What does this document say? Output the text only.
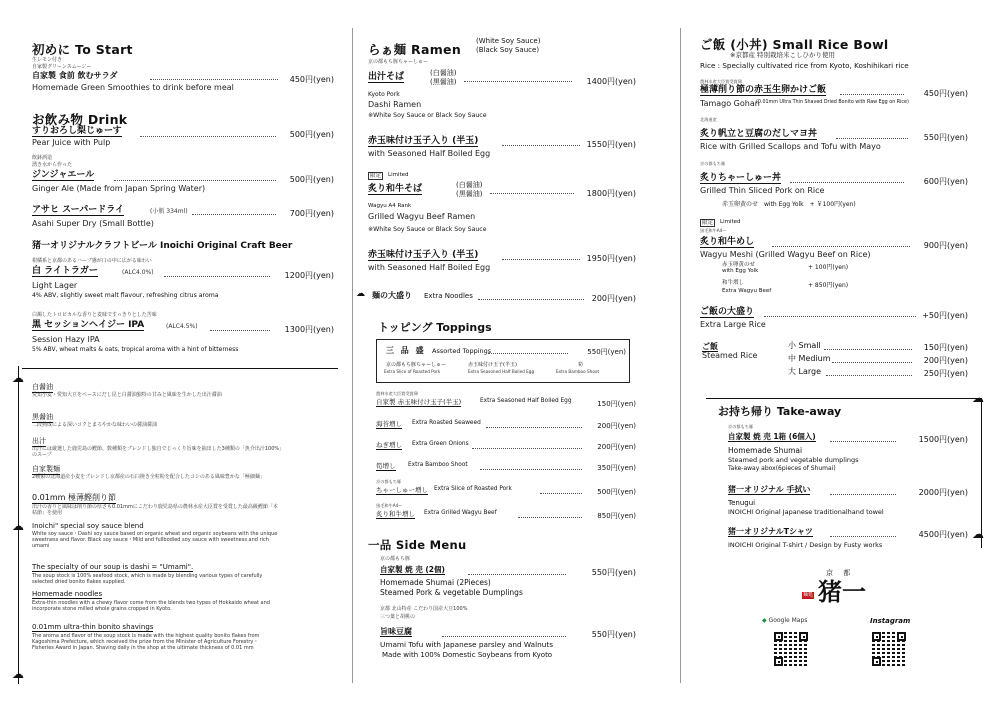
初めに To Start
生レモン付き
自家製グリーンスムージー
自家製 食前 飲むサラダ	450円(yen)
Homemade Green Smoothies to drink before meal
お飲み物 Drink
すりおろし梨じゅーす	500円(yen)
Pear Juice with Pulp
飲鉢酒造
湧き水から作った
ジンジャエール	500円(yen)
Ginger Ale (Made from Japan Spring Water)
アサヒ スーパードライ	(小瓶 334ml)	700円(yen)
Asahi Super Dry (Small Bottle)
猪一オリジナルクラフトビール Inoichi Original Craft Beer
柑橘系と京都のあるハーブ感が口の中に広がる味わい
白 ライトラガー	(ALC4.0%)	1200円(yen)
Light Lager
4% ABV, slightly sweet malt flavour, refreshing citrus aroma
白濁したトロピカルな香りと麦味ですっきりとした苦味
黒 セッションヘイジー IPA	(ALC4.5%)	1300円(yen)
Session Hazy IPA
5% ABV, wheat malts & oats, tropical aroma with a hint of bitterness
☁
☁
☁
白醤油
愛知小麦・愛知大豆をベースにだし昆と白醤油独特の甘みと風味を生かした出汁醤油
黒醤油
二段熟成による深いコクとまろやかな味わいの醤油醤油
出汁
出汁には厳選した鹿児島の鰹節、数種類をブレンドし独自でじっくり旨味を抽出した3種類の「魚介出汁100%」のスープ
自家製麺
2種類の北海道産小麦をブレンドし京都産の石臼挽き全粒粉を配合したコシのある風味豊かな「極細麺」
0.01mm 極薄鰹削り節
出汁の香りと風味は削り節の厚さも0.01mmにこだわり鹿児島県の農林水産大臣賞を受賞した最高級鰹節「本枯節」を使用
Inoichi" special soy sauce blend
White soy sauce・Dashi soy sauce based on organic wheat and organic soybeans with the unique sweetness and flavor. Black soy sauce・Mild and fullbodied soy sauce with sweetness and rich umami
The specialty of our soup is dashi = "Umami".
The soup stock is 100% seafood stock, which is made by blending various types of carefully selected dried bonito flakes supplied.
Homemade noodles
Extra-thin noodles with a chewy flavor come from the blends two types of Hokkaido wheat and incorporate stone milled whole grains cropped in Kyoto.
0.01mm ultra-thin bonito shavings
The aroma and flavor of the soup stock is made with the highest quality bonito flakes from Kagoshima Prefecture, which received the prize from the Minister of Agriculture Forestry・Fisheries Award in Japan. Shaving daily in the shop at the ultimate thickness of 0.01 mm
らぁ麺 Ramen
(White Soy Sauce)
(Black Soy Sauce)
京の都もち豚ちゃーしゅー
出汁そば	(白醤油)
(黒醤油)	1400円(yen)
Kyoto Pork
Dashi Ramen
※White Soy Sauce or Black Soy Sauce
赤玉味付け玉子入り (半玉)	1550円(yen)
with Seasoned Half Boiled Egg
限定	Limited
炙り和牛そば	(白醤油)
(黒醤油)	1800円(yen)
Wagyu A4 Rank
Grilled Wagyu Beef Ramen
※White Soy Sauce or Black Soy Sauce
赤玉味付け玉子入り (半玉)	1950円(yen)
with Seasoned Half Boiled Egg
☁ 麺の大盛り Extra Noodles	200円(yen)
トッピング Toppings
三 品 盛 Assorted Toppings	550円(yen)
京の都もち豚ちゃーしゅー
Extra Slice of Roasted Pork
赤玉味付け玉子(半玉)
Extra Seasoned Half Boiled Egg
筍
Extra Bamboo Shoot
農林水産大臣賞受賞卵
自家製 赤玉味付け玉子(半玉)	Extra Seasoned Half Boiled Egg	150円(yen)
海苔増し Extra Roasted Seaweed	200円(yen)
ねぎ増し Extra Green Onions	200円(yen)
筍増し Extra Bamboo Shoot	350円(yen)
京の都もち豚
ちゃーしゅー増し Extra Slice of Roasted Pork	500円(yen)
黒毛和牛A4～
炙り和牛増し Extra Grilled Wagyu Beef	850円(yen)
一品 Side Menu
京の都もち豚
自家製 焼 売 (2個)	550円(yen)
Homemade Shumai (2Pieces)
Steamed Pork & vegetable Dumplings
京都 北山特産 こだわり国産大豆100%
三つ葉と胡桃の
旨味豆腐	550円(yen)
Umami Tofu with Japanese parsley and Walnuts
Made with 100% Domestic Soybeans from Kyoto
ご飯 (小丼) Small Rice Bowl
※京都産 特別栽培米こしひかり使用
Rice : Specially cultivated rice from Kyoto, Koshihikari rice
農林水産大臣賞受賞卵
極薄削り節の赤玉生卵かけご飯	450円(yen)
Tamago Gohan
(0.01mm Ultra Thin Shaved Dried Bonito with Raw Egg on Rice)
北海道産
炙り帆立と豆腐のだしマヨ丼	550円(yen)
Rice with Grilled Scallops and Tofu with Mayo
京の都もち豚
炙りちゃーしゅー丼	600円(yen)
Grilled Thin Sliced Pork on Rice
赤玉卵黄のせ　with Egg Yolk　+ ￥100円(yen)
限定	Limited
黒毛和牛A4～
炙り和牛めし	900円(yen)
Wagyu Meshi (Grilled Wagyu Beef on Rice)
赤玉卵黄のせ
with Egg Yolk	+ 100円(yen)
和牛増し
Extra Wagyu Beef
+ 850円(yen)
ご飯の大盛り	+50円(yen)
Extra Large Rice
ご飯
Steamed Rice
小 Small	150円(yen)
中 Medium	200円(yen)
大 Large	250円(yen)
お持ち帰り Take-away
☁
☁
京の都もち豚
自家製 焼 売 1箱 (6個入)	1500円(yen)
Homemade Shumai
Steamed pork and vegetable dumplings
Take-away abox(6pieces of Shumai)
猪一オリジナル 手拭い	2000円(yen)
Tenugui
INOICHI Original Japanese traditionalhand towel
猪一オリジナルTシャツ	4500円(yen)
INOICHI Original T-shirt / Design by Fusty works
京 都
麺処 猪一
◆ Google Maps	Instagram
